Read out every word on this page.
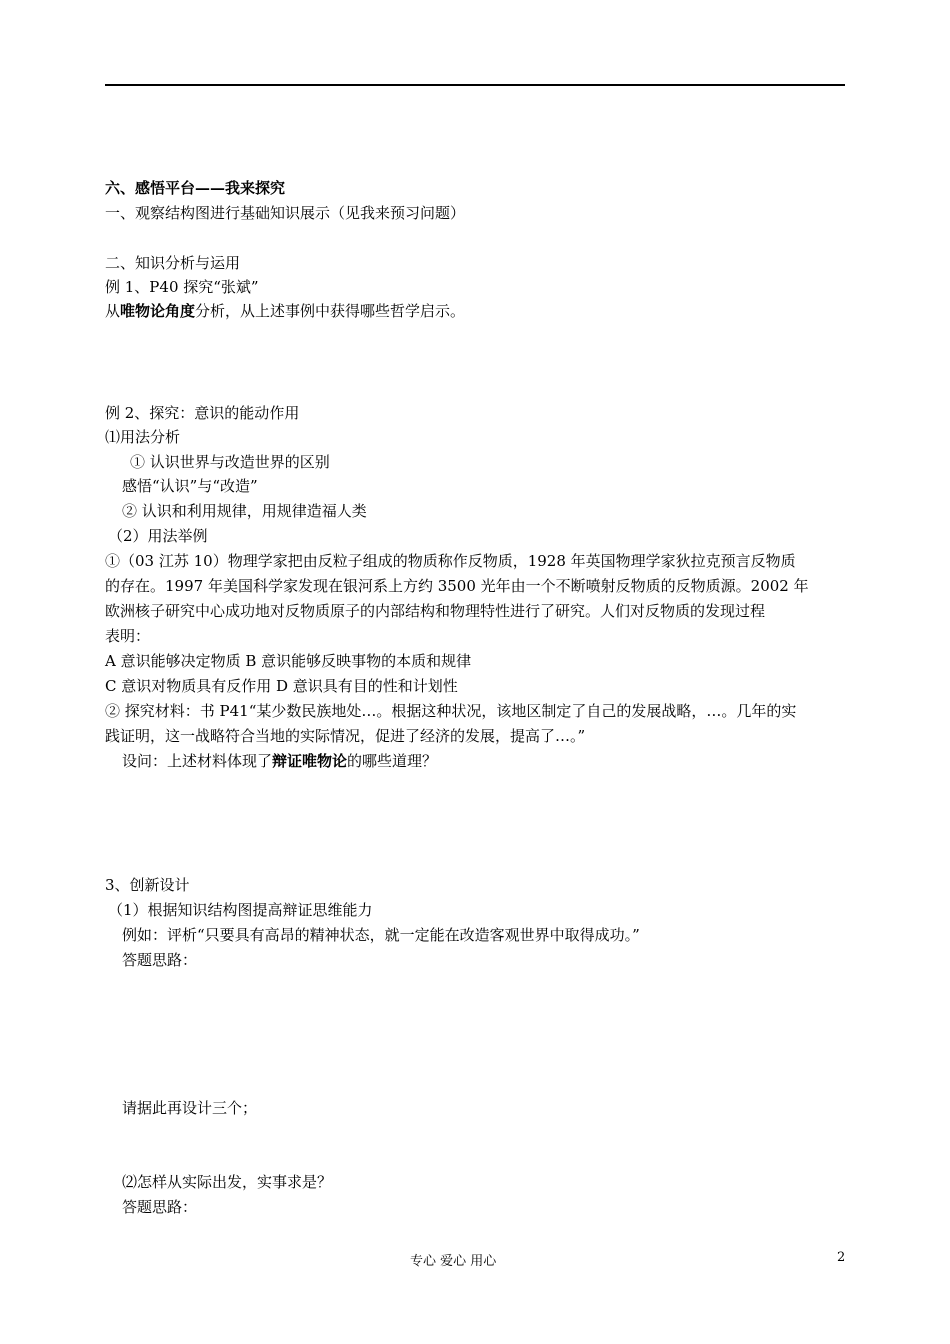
六、感悟平台——我来探究
一、观察结构图进行基础知识展示（见我来预习问题）
二、知识分析与运用
例 1、P40 探究“张斌”
从唯物论角度分析，从上述事例中获得哪些哲学启示。
例 2、探究：意识的能动作用
⑴用法分析
① 认识世界与改造世界的区别
感悟“认识”与“改造”
② 认识和利用规律，用规律造福人类
（2）用法举例
①（03 江苏 10）物理学家把由反粒子组成的物质称作反物质，1928 年英国物理学家狄拉克预言反物质
的存在。1997 年美国科学家发现在银河系上方约 3500 光年由一个不断喷射反物质的反物质源。2002 年
欧洲核子研究中心成功地对反物质原子的内部结构和物理特性进行了研究。人们对反物质的发现过程
表明：
A 意识能够决定物质 B 意识能够反映事物的本质和规律
C 意识对物质具有反作用 D 意识具有目的性和计划性
② 探究材料：书 P41“某少数民族地处…。根据这种状况，该地区制定了自己的发展战略，…。几年的实
践证明，这一战略符合当地的实际情况，促进了经济的发展，提高了…。”
设问：上述材料体现了辩证唯物论的哪些道理？
3、创新设计
（1）根据知识结构图提高辩证思维能力
例如：评析“只要具有高昂的精神状态，就一定能在改造客观世界中取得成功。”
答题思路：
请据此再设计三个；
⑵怎样从实际出发，实事求是？
答题思路：
专心 爱心 用心	2
